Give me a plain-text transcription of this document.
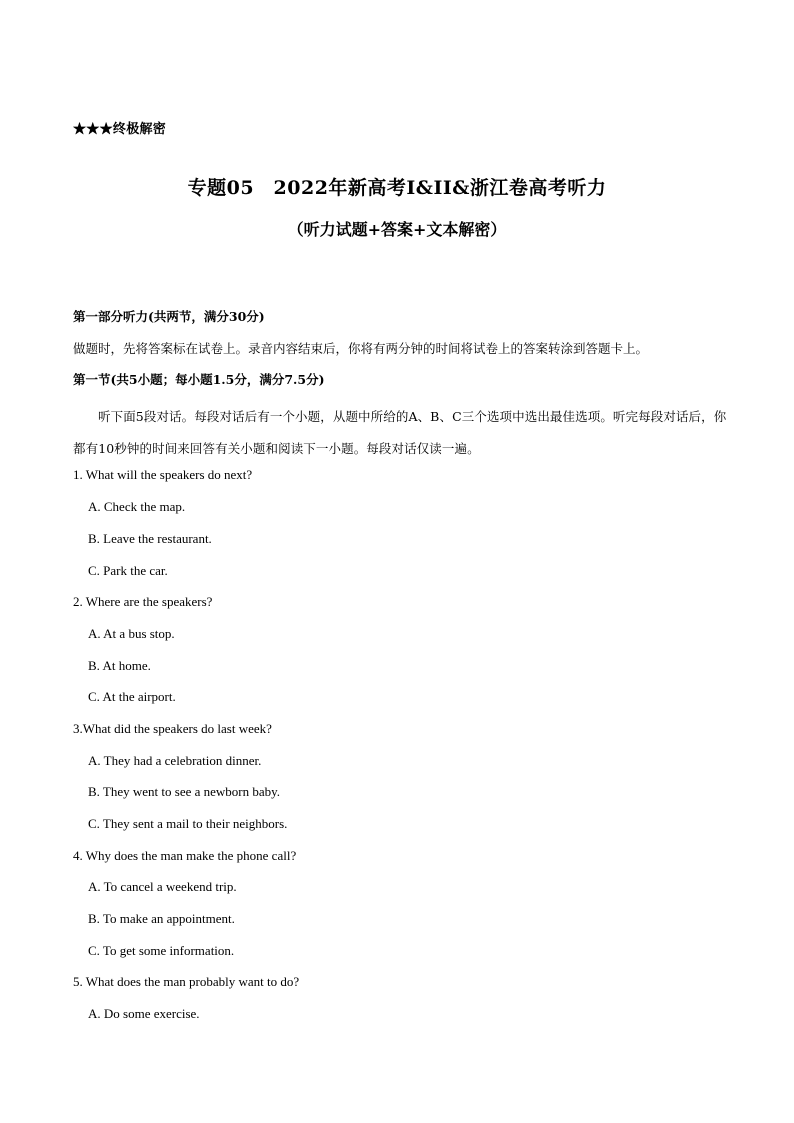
★★★终极解密
专题05　2022年新高考I&II&浙江卷高考听力
（听力试题+答案+文本解密）
第一部分听力(共两节，满分30分)
做题时，先将答案标在试卷上。录音内容结束后，你将有两分钟的时间将试卷上的答案转涂到答题卡上。
第一节(共5小题；每小题1.5分，满分7.5分)

听下面5段对话。每段对话后有一个小题，从题中所给的A、B、C三个选项中选出最佳选项。听完每段对话后，你都有10秒钟的时间来回答有关小题和阅读下一小题。每段对话仅读一遍。

1. What will the speakers do next?
A. Check the map.
B. Leave the restaurant.
C. Park the car.
2. Where are the speakers?
A. At a bus stop.
B. At home.
C. At the airport.
3.What did the speakers do last week?
A. They had a celebration dinner.
B. They went to see a newborn baby.
C. They sent a mail to their neighbors.
4. Why does the man make the phone call?
A. To cancel a weekend trip.
B. To make an appointment.
C. To get some information.
5. What does the man probably want to do?
A. Do some exercise.
